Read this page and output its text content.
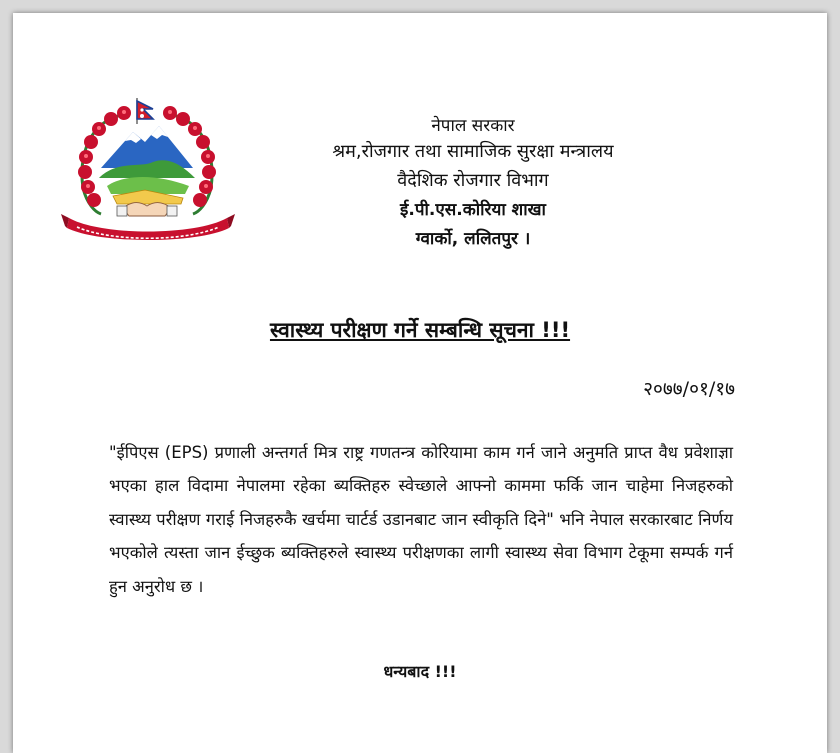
नेपाल सरकार
श्रम,रोजगार तथा सामाजिक सुरक्षा मन्त्रालय
वैदेशिक रोजगार विभाग
ई.पी.एस.कोरिया शाखा
ग्वार्को, ललितपुर ।
स्वास्थ्य परीक्षण गर्ने सम्बन्धि सूचना !!!
२०७७/०१/१७
"ईपिएस (EPS) प्रणाली अन्तगर्त मित्र राष्ट्र गणतन्त्र कोरियामा काम गर्न जाने अनुमति प्राप्त वैध प्रवेशाज्ञा भएका हाल विदामा नेपालमा रहेका ब्यक्तिहरु स्वेच्छाले आफ्नो काममा फर्कि जान चाहेमा निजहरुको स्वास्थ्य परीक्षण गराई निजहरुकै खर्चमा चार्टर्ड उडानबाट जान स्वीकृति दिने" भनि नेपाल सरकारबाट निर्णय भएकोले त्यस्ता जान ईच्छुक ब्यक्तिहरुले स्वास्थ्य परीक्षणका लागी स्वास्थ्य सेवा विभाग टेकूमा सम्पर्क गर्न हुन अनुरोध छ ।
धन्यबाद !!!
